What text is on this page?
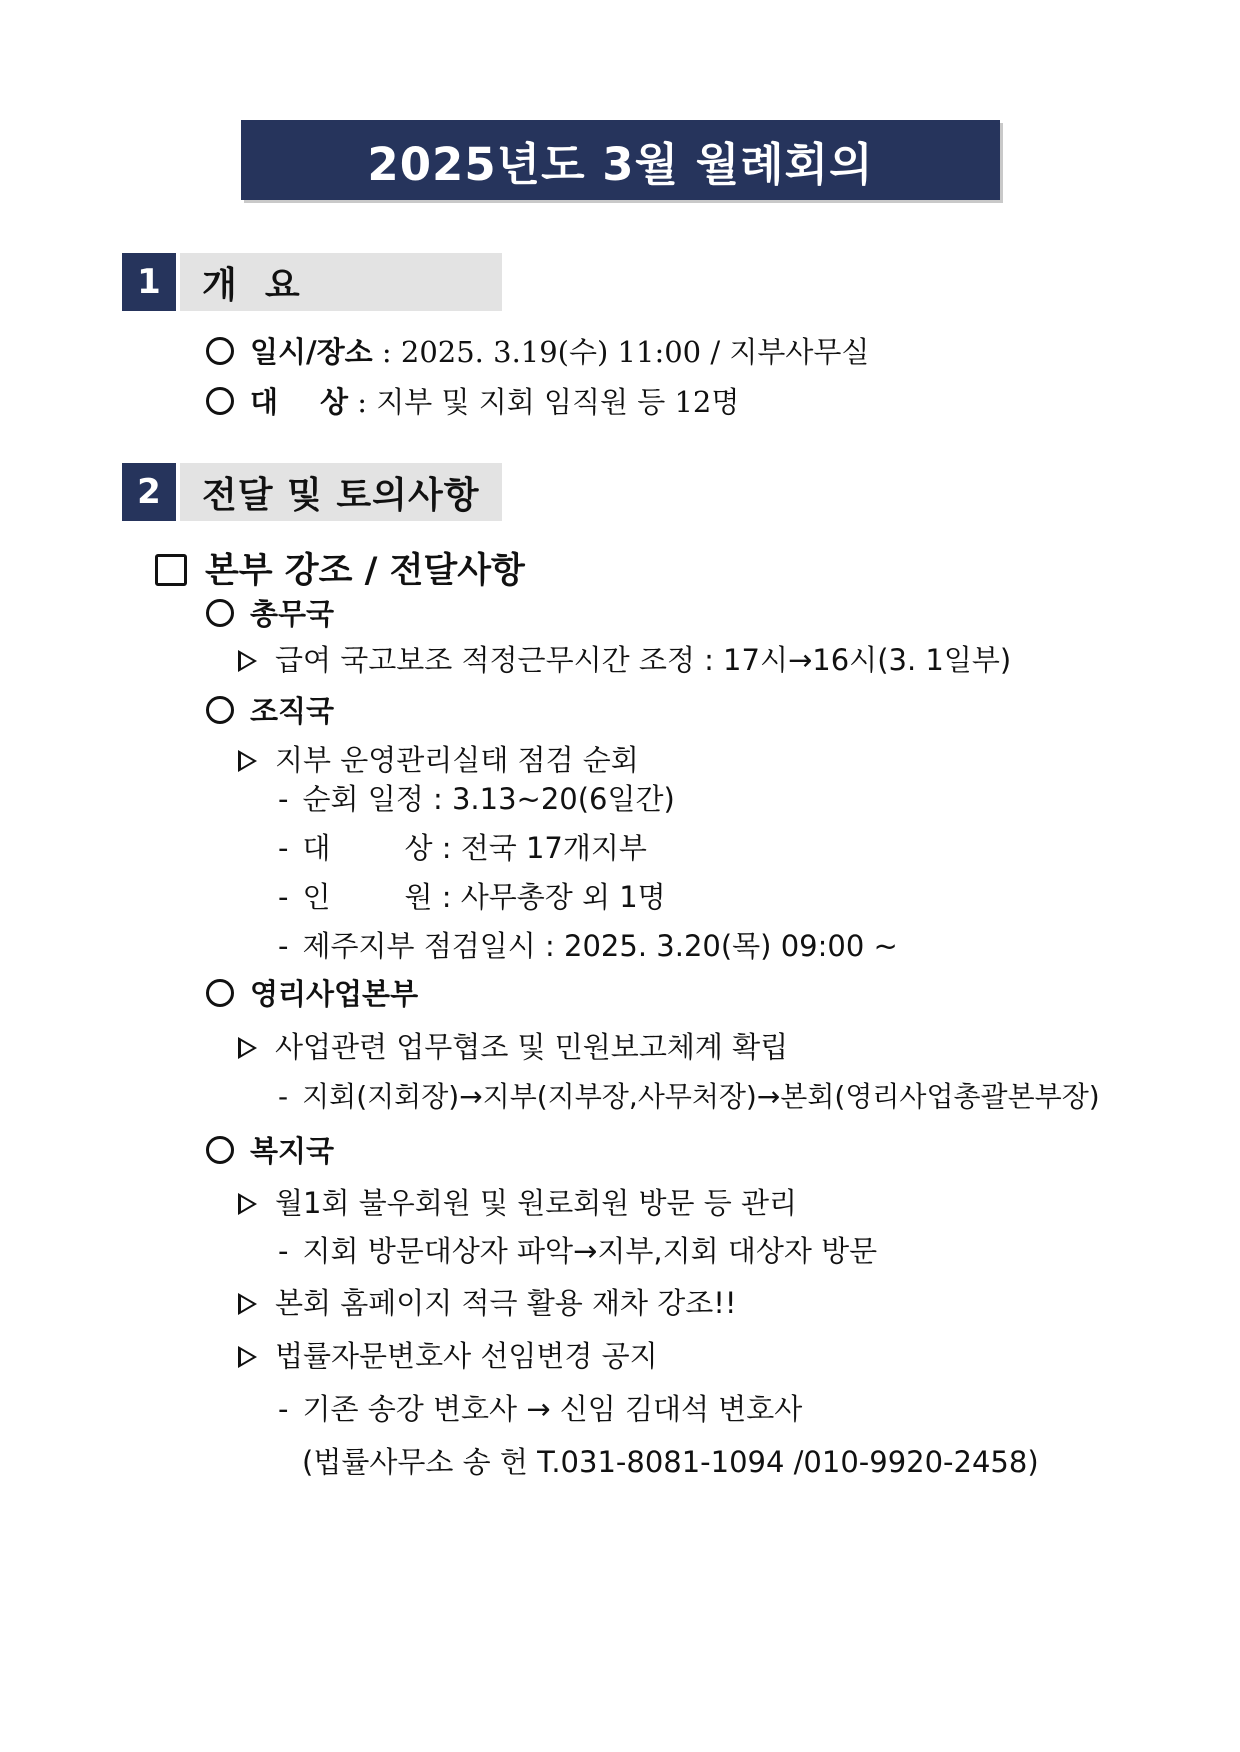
2025년도 3월 월례회의
1	개  요
일시/장소 : 2025. 3.19(수) 11:00 / 지부사무실
대 상 : 지부 및 지회 임직원 등 12명
2	전달 및 토의사항
본부 강조 / 전달사항
총무국
급여 국고보조 적정근무시간 조정 : 17시→16시(3. 1일부)
조직국
지부 운영관리실태 점검 순회
- 순회 일정 : 3.13~20(6일간)
- 대	상 : 전국 17개지부
- 인	원 : 사무총장 외 1명
- 제주지부 점검일시 : 2025. 3.20(목) 09:00 ~
영리사업본부
사업관련 업무협조 및 민원보고체계 확립
- 지회(지회장)→지부(지부장,사무처장)→본회(영리사업총괄본부장)
복지국
월1회 불우회원 및 원로회원 방문 등 관리
- 지회 방문대상자 파악→지부,지회 대상자 방문
본회 홈페이지 적극 활용 재차 강조!!
법률자문변호사 선임변경 공지
- 기존 송강 변호사 → 신임 김대석 변호사
(법률사무소 송 헌 T.031-8081-1094 /010-9920-2458)
